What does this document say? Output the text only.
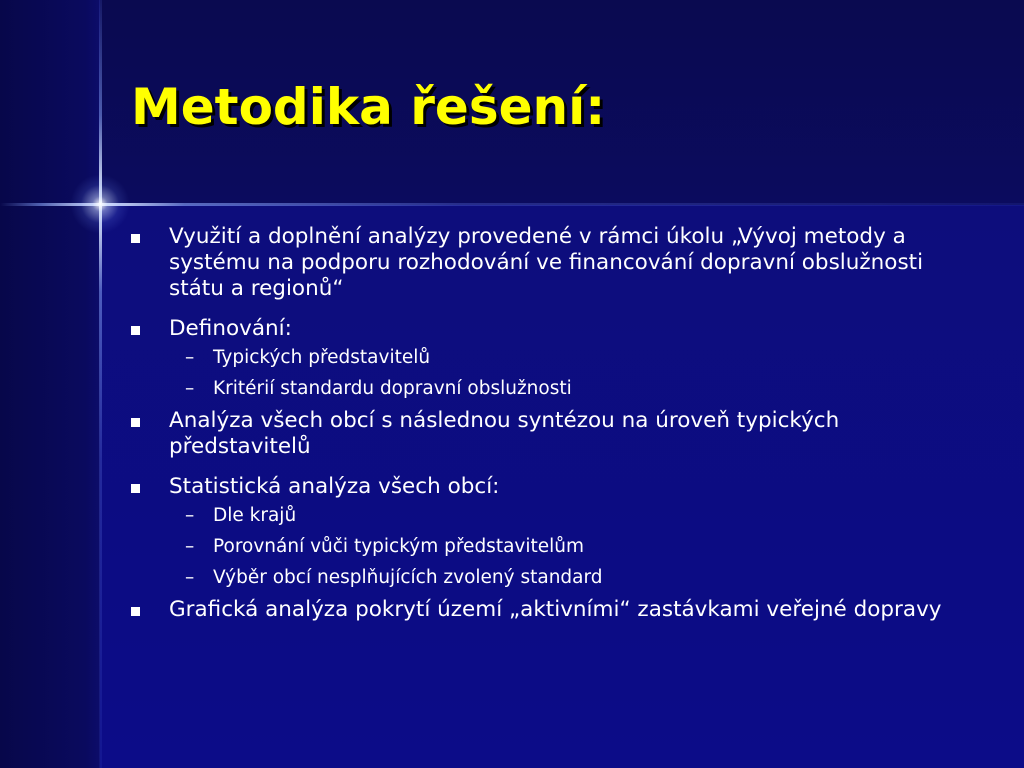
Metodika řešení:
Využití a doplnění analýzy provedené v rámci úkolu „Vývoj metody a systému na podporu rozhodování ve financování dopravní obslužnosti státu a regionů“
Definování:
– Typických představitelů
– Kritérií standardu dopravní obslužnosti
Analýza všech obcí s následnou syntézou na úroveň typických představitelů
Statistická analýza všech obcí:
– Dle krajů
– Porovnání vůči typickým představitelům
– Výběr obcí nesplňujících zvolený standard
Grafická analýza pokrytí území „aktivními“ zastávkami veřejné dopravy
